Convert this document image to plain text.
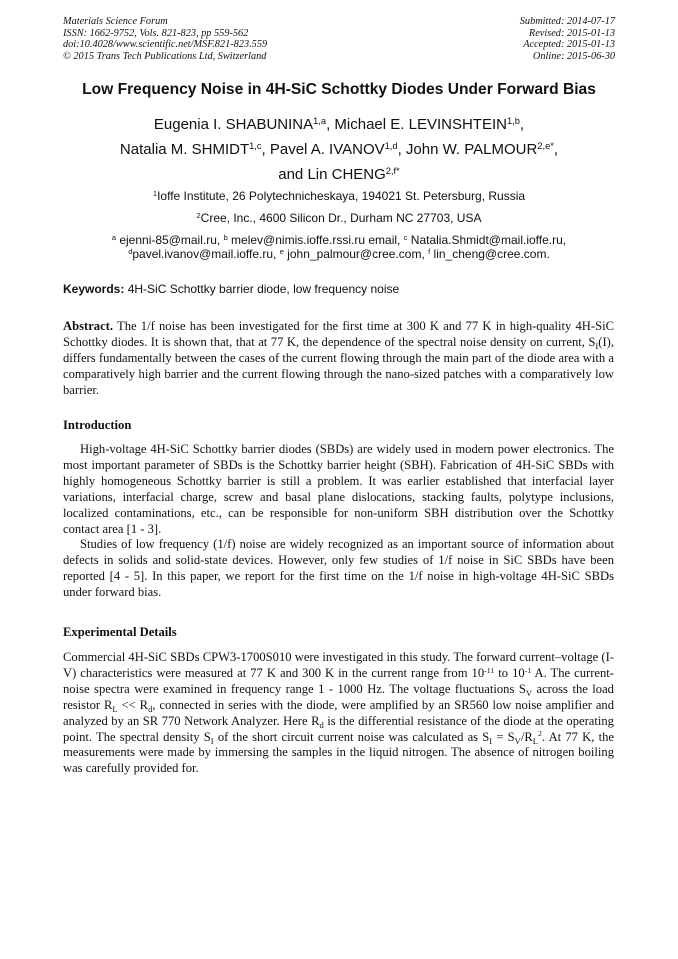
Materials Science Forum
ISSN: 1662-9752, Vols. 821-823, pp 559-562
doi:10.4028/www.scientific.net/MSF.821-823.559
© 2015 Trans Tech Publications Ltd, Switzerland
Submitted: 2014-07-17
Revised: 2015-01-13
Accepted: 2015-01-13
Online: 2015-06-30
Low Frequency Noise in 4H-SiC Schottky Diodes Under Forward Bias
Eugenia I. SHABUNINA$^{1,a}$, Michael E. LEVINSHTEIN$^{1,b}$,
Natalia M. SHMIDT$^{1,c}$, Pavel A. IVANOV$^{1,d}$, John W. $PALMOUR^{2,e*}$,
and Lin $CHENG^{2,f*}$
$^1$Ioffe Institute, 26 Polytechnicheskaya, 194021 St. Petersburg, Russia
$^2$Cree, Inc., 4600 Silicon Dr., Durham NC 27703, USA
$^a$ ejenni-85@mail.ru, $^b$ melev@nimis.ioffe.rssi.ru email, $^c$ Natalia.Shmidt@mail.ioffe.ru,
$^d$pavel.ivanov@mail.ioffe.ru, $^e$ john_palmour@cree.com, $^f$ lin_cheng@cree.com.
Keywords: 4H-SiC Schottky barrier diode, low frequency noise
Abstract. The 1/f noise has been investigated for the first time at 300 K and 77 K in high-quality 4H-SiC Schottky diodes. It is shown that, that at 77 K, the dependence of the spectral noise density on current, $S_I(I)$, differs fundamentally between the cases of the current flowing through the main part of the diode area with a comparatively high barrier and the current flowing through the nano-sized patches with a comparatively low barrier.
Introduction
High-voltage 4H-SiC Schottky barrier diodes (SBDs) are widely used in modern power electronics. The most important parameter of SBDs is the Schottky barrier height (SBH). Fabrication of 4H-SiC SBDs with highly homogeneous Schottky barrier is still a problem. It was earlier established that interfacial layer variations, interfacial charge, screw and basal plane dislocations, stacking faults, polytype inclusions, localized contaminations, etc., can be responsible for non-uniform SBH distribution over the Schottky contact area [1 - 3].
Studies of low frequency (1/f) noise are widely recognized as an important source of information about defects in solids and solid-state devices. However, only few studies of 1/f noise in SiC SBDs have been reported [4 - 5]. In this paper, we report for the first time on the 1/f noise in high-voltage 4H-SiC SBDs under forward bias.
Experimental Details
Commercial 4H-SiC SBDs CPW3-1700S010 were investigated in this study. The forward current–voltage (I-V) characteristics were measured at 77 K and 300 K in the current range from $10^{-11}$ to $10^{-1}$ A. The current-noise spectra were examined in frequency range 1 - 1000 Hz. The voltage fluctuations $S_V$ across the load resistor $R_L << R_d$, connected in series with the diode, were amplified by an SR560 low noise amplifier and analyzed by an SR 770 Network Analyzer. Here $R_d$ is the differential resistance of the diode at the operating point. The spectral density $S_I$ of the short circuit current noise was calculated as $S_I = S_V/R_L^2$. At 77 K, the measurements were made by immersing the samples in the liquid nitrogen. The absence of nitrogen boiling was carefully provided for.
